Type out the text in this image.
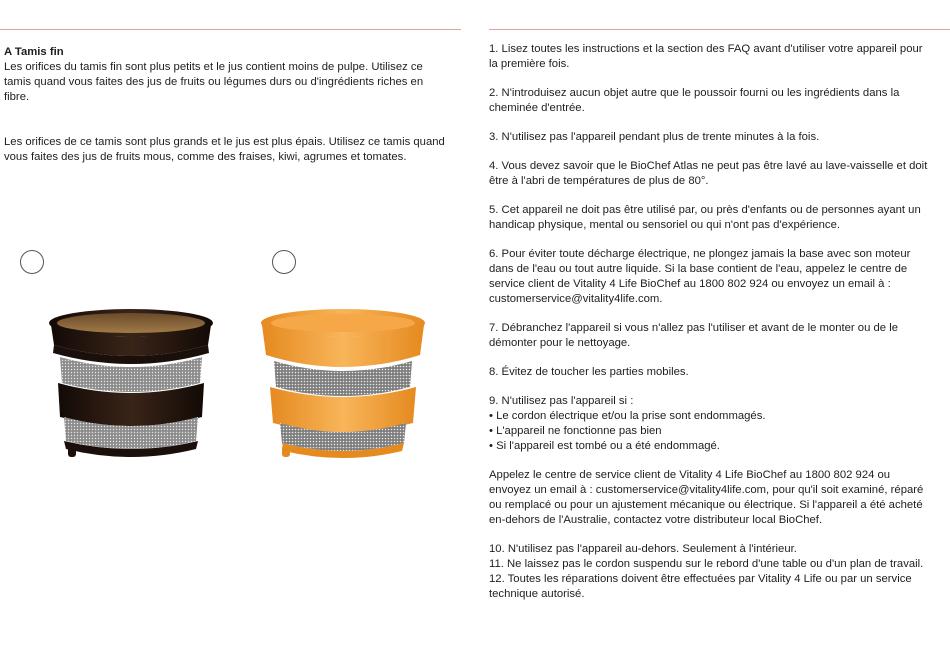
A Tamis fin

Les orifices du tamis fin sont plus petits et le jus contient moins de pulpe. Utilisez ce tamis quand vous faites des jus de fruits ou légumes durs ou d'ingrédients riches en fibre.

Les orifices de ce tamis sont plus grands et le jus est plus épais. Utilisez ce tamis quand vous faites des jus de fruits mous, comme des fraises, kiwi, agrumes et tomates.

1. Lisez toutes les instructions et la section des FAQ avant d'utiliser votre appareil pour la première fois.

2. N'introduisez aucun objet autre que le poussoir fourni ou les ingrédients dans la cheminée d'entrée.

3. N'utilisez pas l'appareil pendant plus de trente minutes à la fois.

4. Vous devez savoir que le BioChef Atlas ne peut pas être lavé au lave-vaisselle et doit être à l'abri de températures de plus de 80°.

5. Cet appareil ne doit pas être utilisé par, ou près d'enfants ou de personnes ayant un handicap physique, mental ou sensoriel ou qui n'ont pas d'expérience.

6. Pour éviter toute décharge électrique, ne plongez jamais la base avec son moteur dans de l'eau ou tout autre liquide. Si la base contient de l'eau, appelez le centre de service client de Vitality 4 Life BioChef au 1800 802 924 ou envoyez un email à : customerservice@vitality4life.com.

7. Débranchez l'appareil si vous n'allez pas l'utiliser et avant de le monter ou de le démonter pour le nettoyage.

8. Évitez de toucher les parties mobiles.

9. N'utilisez pas l'appareil si :

• Le cordon électrique et/ou la prise sont endommagés.

• L'appareil ne fonctionne pas bien

• Si l'appareil est tombé ou a été endommagé.

Appelez le centre de service client de Vitality 4 Life BioChef au 1800 802 924 ou envoyez un email à : customerservice@vitality4life.com, pour qu'il soit examiné, réparé ou remplacé ou pour un ajustement mécanique ou électrique. Si l'appareil a été acheté en-dehors de l'Australie, contactez votre distributeur local BioChef.

10. N'utilisez pas l'appareil au-dehors. Seulement à l'intérieur.

11. Ne laissez pas le cordon suspendu sur le rebord d'une table ou d'un plan de travail.

12. Toutes les réparations doivent être effectuées par Vitality 4 Life ou par un service technique autorisé.
